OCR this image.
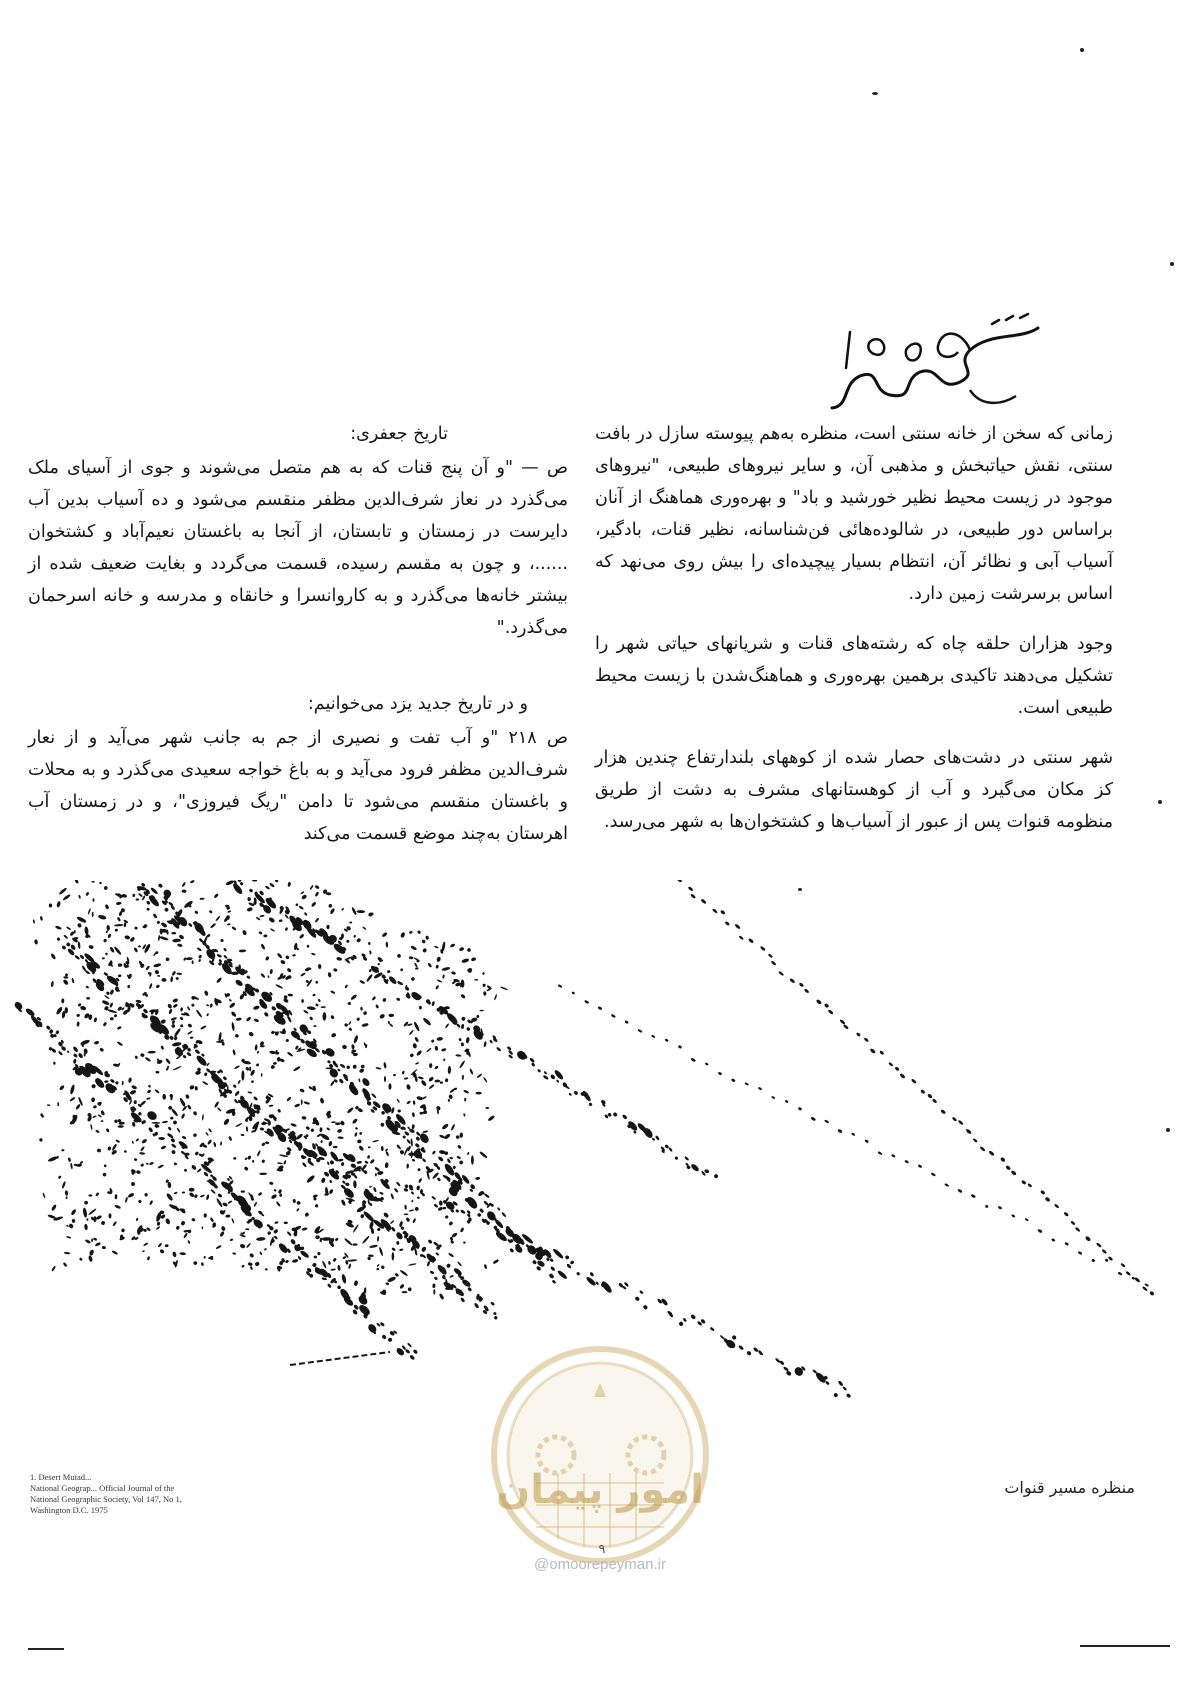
شرح محوطه

زمانی که سخن از خانه سنتی است، منظره به‌هم پیوسته سازل در بافت سنتی، نقش حیاتبخش و مذهبی آن، و سایر نیروهای طبیعی، "نیروهای موجود در زیست محیط نظیر خورشید و باد" و بهره‌وری هماهنگ از آنان براساس دور طبیعی، در شالوده‌هائی فن‌شناسانه، نظیر قنات، بادگیر، آسیاب آبی و نظائر آن، انتظام بسیار پیچیده‌ای را بیش روی می‌نهد که اساس برسرشت زمین دارد.

وجود هزاران حلقه چاه که رشته‌های قنات و شریانهای حیاتی شهر را تشکیل می‌دهند تاکیدی برهمین بهره‌وری و هماهنگ‌شدن با زیست محیط طبیعی است.

شهر سنتی در دشت‌های حصار شده از کوههای بلندارتفاع چندین هزار کز مکان می‌گیرد و آب از کوهستانهای مشرف به دشت از طریق منظومه قنوات پس از عبور از آسیاب‌ها و کشتخوان‌ها به شهر می‌رسد.

تاریخ جعفری:

ص — "و آن پنج قنات که به هم متصل می‌شوند و جوی از آسیای ملک می‌گذرد در نعاز شرف‌الدین مظفر منقسم می‌شود و ده آسیاب بدین آب دایرست در زمستان و تابستان، از آنجا به باغستان نعیم‌آباد و کشتخوان ......، و چون به مقسم رسیده، قسمت می‌گردد و بغایت ضعیف شده از بیشتر خانه‌ها می‌گذرد و به کاروانسرا و خانقاه و مدرسه و خانه اسرحمان می‌گذرد."

و در تاریخ جدید یزد می‌خوانیم:

ص ۲۱۸ "و آب تفت و نصیری از جم به جانب شهر می‌آید و از نعار شرف‌الدین مظفر فرود می‌آید و به باغ خواجه سعیدی می‌گذرد و به محلات و باغستان منقسم می‌شود تا دامن "ریگ فیروزی"، و در زمستان آب اهرستان به‌چند موضع قسمت می‌کند

منظره مسیر قنوات
1. Desert Mutad...
National Geograp... Official Journal of the
National Geographic Society, Vol 147, No 1,
Washington D.C. 1975	امور پیمان
۹
@omoorepeyman.ir
